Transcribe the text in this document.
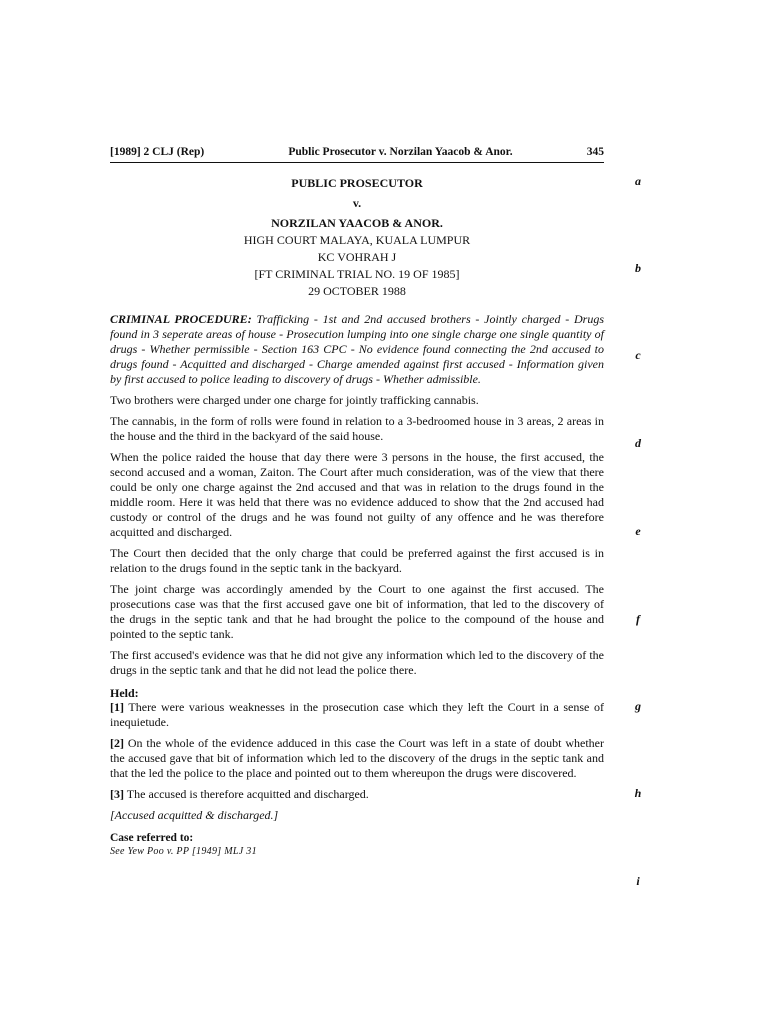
[1989] 2 CLJ (Rep)	Public Prosecutor v. Norzilan Yaacob & Anor.	345
PUBLIC PROSECUTOR
v.
NORZILAN YAACOB & ANOR.
HIGH COURT MALAYA, KUALA LUMPUR
KC VOHRAH J
[FT CRIMINAL TRIAL NO. 19 OF 1985]
29 OCTOBER 1988
CRIMINAL PROCEDURE: Trafficking - 1st and 2nd accused brothers - Jointly charged - Drugs found in 3 seperate areas of house - Prosecution lumping into one single charge one single quantity of drugs - Whether permissible - Section 163 CPC - No evidence found connecting the 2nd accused to drugs found - Acquitted and discharged - Charge amended against first accused - Information given by first accused to police leading to discovery of drugs - Whether admissible.

Two brothers were charged under one charge for jointly trafficking cannabis.

The cannabis, in the form of rolls were found in relation to a 3-bedroomed house in 3 areas, 2 areas in the house and the third in the backyard of the said house.

When the police raided the house that day there were 3 persons in the house, the first accused, the second accused and a woman, Zaiton. The Court after much consideration, was of the view that there could be only one charge against the 2nd accused and that was in relation to the drugs found in the middle room. Here it was held that there was no evidence adduced to show that the 2nd accused had custody or control of the drugs and he was found not guilty of any offence and he was therefore acquitted and discharged.

The Court then decided that the only charge that could be preferred against the first accused is in relation to the drugs found in the septic tank in the backyard.

The joint charge was accordingly amended by the Court to one against the first accused. The prosecutions case was that the first accused gave one bit of information, that led to the discovery of the drugs in the septic tank and that he had brought the police to the compound of the house and pointed to the septic tank.

The first accused's evidence was that he did not give any information which led to the discovery of the drugs in the septic tank and that he did not lead the police there.

Held:

[1] There were various weaknesses in the prosecution case which they left the Court in a sense of inequietude.

[2] On the whole of the evidence adduced in this case the Court was left in a state of doubt whether the accused gave that bit of information which led to the discovery of the drugs in the septic tank and that the led the police to the place and pointed out to them whereupon the drugs were discovered.

[3] The accused is therefore acquitted and discharged.

[Accused acquitted & discharged.]
Case referred to:
See Yew Poo v. PP [1949] MLJ 31
a
b
c
d
e
f
g
h
i
